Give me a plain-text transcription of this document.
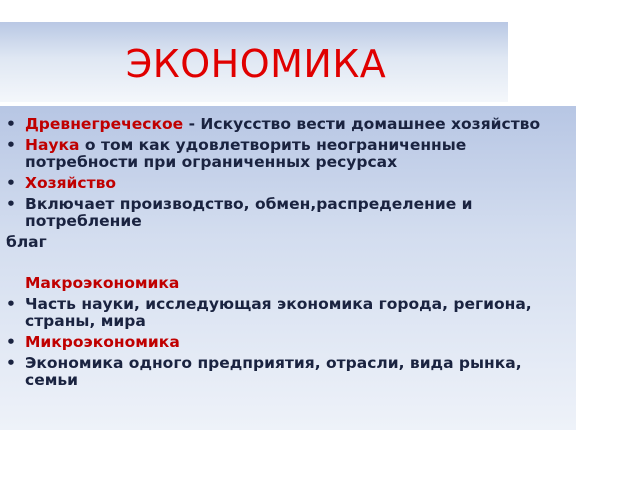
ЭКОНОМИКА
• Древнегреческое - Искусство вести домашнее хозяйство
• Наука о том как удовлетворить неограниченные потребности при ограниченных ресурсах
• Хозяйство
• Включает производство, обмен,распределение и потребление
благ
Макроэкономика
• Часть науки, исследующая экономика города, региона, страны, мира
• Микроэкономика
• Экономика одного предприятия, отрасли, вида рынка, семьи
